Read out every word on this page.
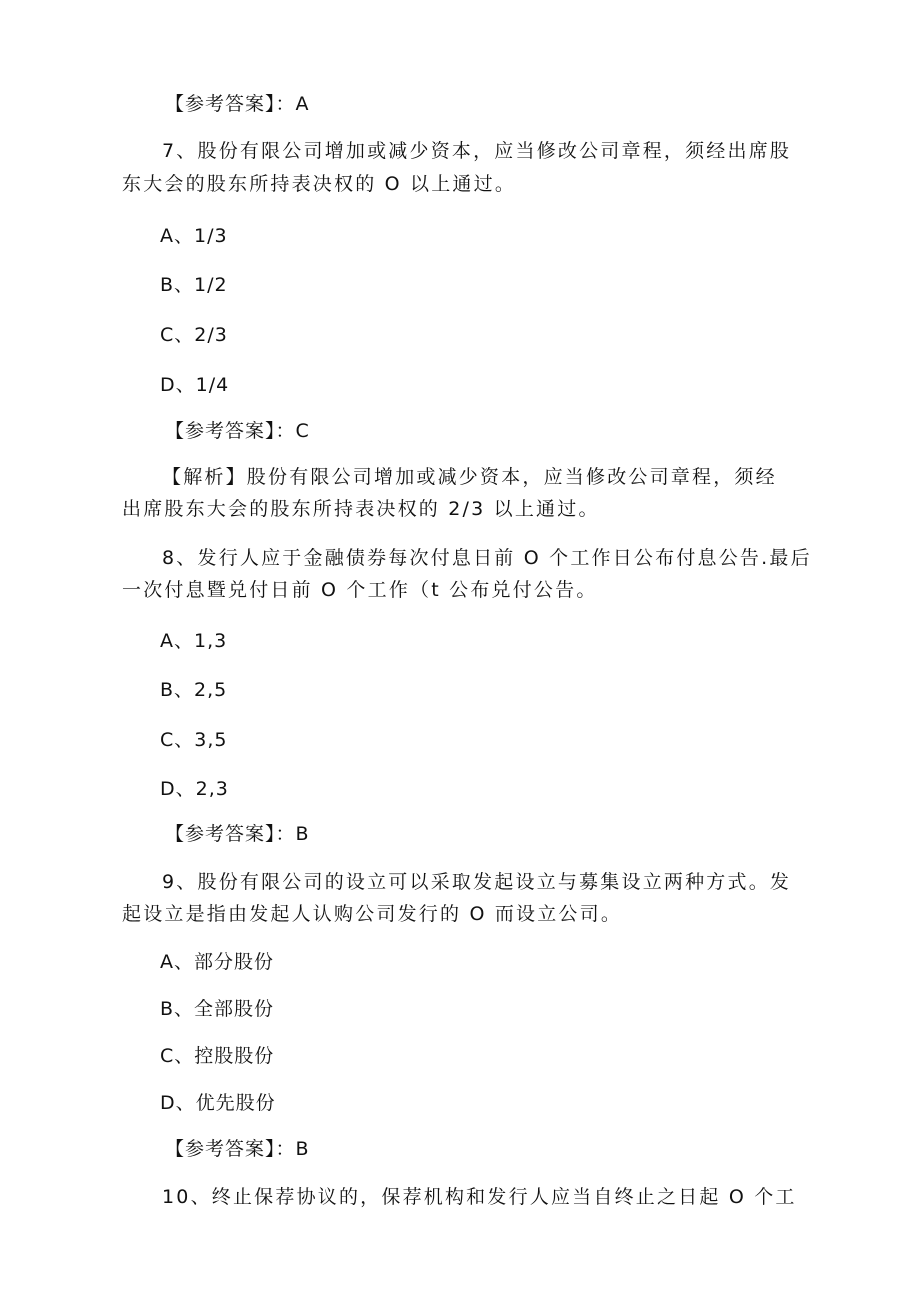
【参考答案】：A
7、股份有限公司增加或减少资本，应当修改公司章程，须经出席股
东大会的股东所持表决权的 O 以上通过。
A、1/3
B、1/2
C、2/3
D、1/4
【参考答案】：C
【解析】股份有限公司增加或减少资本，应当修改公司章程，须经
出席股东大会的股东所持表决权的 2/3 以上通过。
8、发行人应于金融债券每次付息日前 O 个工作日公布付息公告.最后
一次付息暨兑付日前 O 个工作（t 公布兑付公告。
A、1,3
B、2,5
C、3,5
D、2,3
【参考答案】：B
9、股份有限公司的设立可以采取发起设立与募集设立两种方式。发
起设立是指由发起人认购公司发行的 O 而设立公司。
A、部分股份
B、全部股份
C、控股股份
D、优先股份
【参考答案】：B
10、终止保荐协议的，保荐机构和发行人应当自终止之日起 O 个工
